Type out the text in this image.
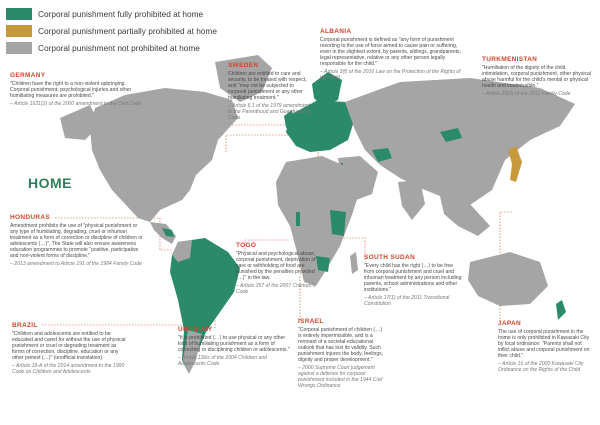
Corporal punishment fully prohibited at home
Corporal punishment partially prohibited at home
Corporal punishment not prohibited at home
HOME
GERMANY

"Children have the right to a non-violent upbringing. Corporal punishment, psychological injuries and other humiliating measures are prohibited."

– Article 1631(2) of the 2000 amendment to the Civil Code

SWEDEN

Children are entitled to care and security, to be treated with respect, and "may not be subjected to corporal punishment or any other humiliating treatment."

– Article 6.1 of the 1979 amendment to the Parenthood and Guardianship Code

ALBANIA

Corporal punishment is defined as "any form of punishment resorting to the use of force aimed to cause pain or suffering, even in the slightest extent, by parents, siblings, grandparents, legal representative, relative or any other person legally responsible for the child."

– Article 3(f) of the 2010 Law on the Protection of the Rights of the Child

TURKMENISTAN

"Humiliation of the dignity of the child, intimidation, corporal punishment, other physical abuse harmful for the child's mental or physical health and inadmissible."

– Article 25(2) of the 2012 Family Code

HONDURAS

Amendment prohibits the use of "physical punishment or any type of humiliating, degrading, cruel or inhuman treatment as a form of correction or discipline of children or adolescents (…)". The State will also ensure awareness education programmes to promote "positive, participative and non-violent forms of discipline."

– 2013 amendment to Article 191 of the 1984 Family Code

TOGO

"Physical and psychological abuse, corporal punishment, deprivation of care or withholding of food are punished by the penalties provided (…)" in the law.

– Article 357 of the 2007 Children's Code

SOUTH SUDAN

"Every child has the right (…) to be free from corporal punishment and cruel and inhuman treatment by any person including parents, school administrations and other institutions."

– Article 17(1) of the 2011 Transitional Constitution

BRAZIL

"Children and adolescents are entitled to be educated and cared for without the use of physical punishment or cruel or degrading treatment as forms of correction, discipline, education or any other pretext (…)" (unofficial translation).

– Article 18-A of the 2014 amendment to the 1990 Code on Children and Adolescents

URUGUAY

"It is prohibited (…) to use physical or any other kind of humiliating punishment as a form of correcting or disciplining children or adolescents."

– Article 12bis of the 2004 Children and Adolescents Code

ISRAEL

"Corporal punishment of children (…) is entirely impermissible, and is a remnant of a societal-educational outlook that has lost its validity. Such punishment injures the body, feelings, dignity and proper development."

– 2000 Supreme Court judgement against a defence for corporal punishment included in the 1944 Civil Wrongs Ordinance

JAPAN

The use of corporal punishment in the home is only prohibited in Kawasaki City by local ordinance: "Parents shall not inflict abuse and corporal punishment on their child."

– Article 16 of the 2000 Kawasaki City Ordinance on the Rights of the Child
